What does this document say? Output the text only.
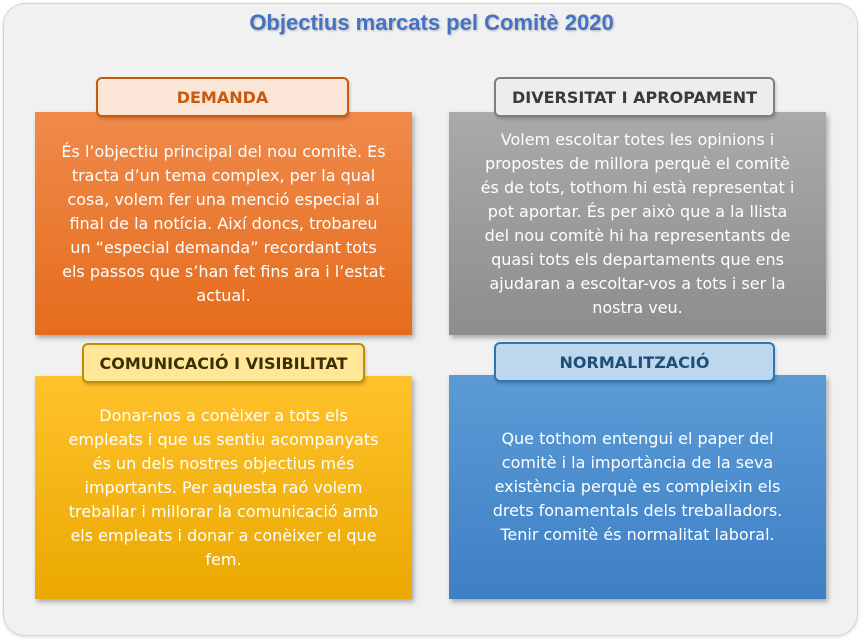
Objectius marcats pel Comitè 2020
És l’objectiu principal del nou comitè. Es
tracta d’un tema complex, per la qual
cosa, volem fer una menció especial al
final de la notícia. Així doncs, trobareu
un “especial demanda” recordant tots
els passos que s’han fet fins ara i l’estat
actual.
DEMANDA
Volem escoltar totes les opinions i
propostes de millora perquè el comitè
és de tots, tothom hi està representat i
pot aportar. És per això que a la llista
del nou comitè hi ha representants de
quasi tots els departaments que ens
ajudaran a escoltar-vos a tots i ser la
nostra veu.
DIVERSITAT I APROPAMENT
Donar-nos a conèixer a tots els
empleats i que us sentiu acompanyats
és un dels nostres objectius més
importants. Per aquesta raó volem
treballar i millorar la comunicació amb
els empleats i donar a conèixer el que
fem.
COMUNICACIÓ I VISIBILITAT
Que tothom entengui el paper del
comitè i la importància de la seva
existència perquè es compleixin els
drets fonamentals dels treballadors.
Tenir comitè és normalitat laboral.
NORMALITZACIÓ
